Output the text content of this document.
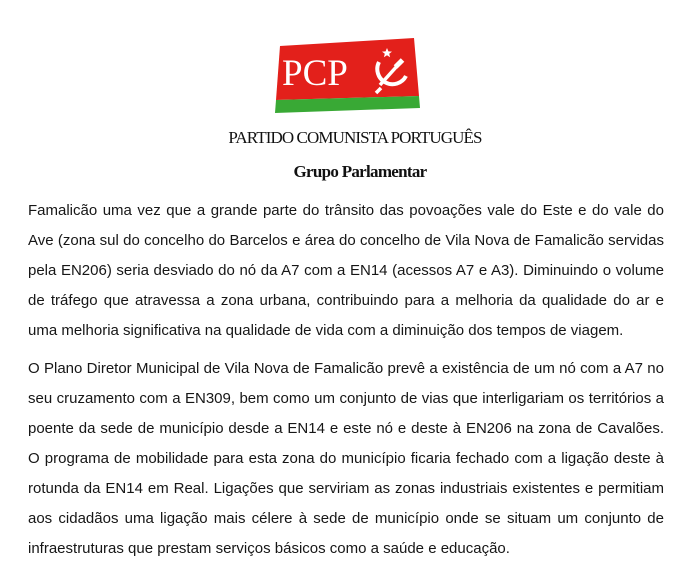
PCP
PARTIDO COMUNISTA PORTUGUÊS
Grupo Parlamentar

Famalicão uma vez que a grande parte do trânsito das povoações vale do Este e do vale do Ave (zona sul do concelho do Barcelos e área do concelho de Vila Nova de Famalicão servidas pela EN206) seria desviado do nó da A7 com a EN14 (acessos A7 e A3). Diminuindo o volume de tráfego que atravessa a zona urbana, contribuindo para a melhoria da qualidade do ar e uma melhoria significativa na qualidade de vida com a diminuição dos tempos de viagem.

O Plano Diretor Municipal de Vila Nova de Famalicão prevê a existência de um nó com a A7 no seu cruzamento com a EN309, bem como um conjunto de vias que interligariam os territórios a poente da sede de município desde a EN14 e este nó e deste à EN206 na zona de Cavalões. O programa de mobilidade para esta zona do município ficaria fechado com a ligação deste à rotunda da EN14 em Real. Ligações que serviriam as zonas industriais existentes e permitiam aos cidadãos uma ligação mais célere à sede de município onde se situam um conjunto de infraestruturas que prestam serviços básicos como a saúde e educação.
